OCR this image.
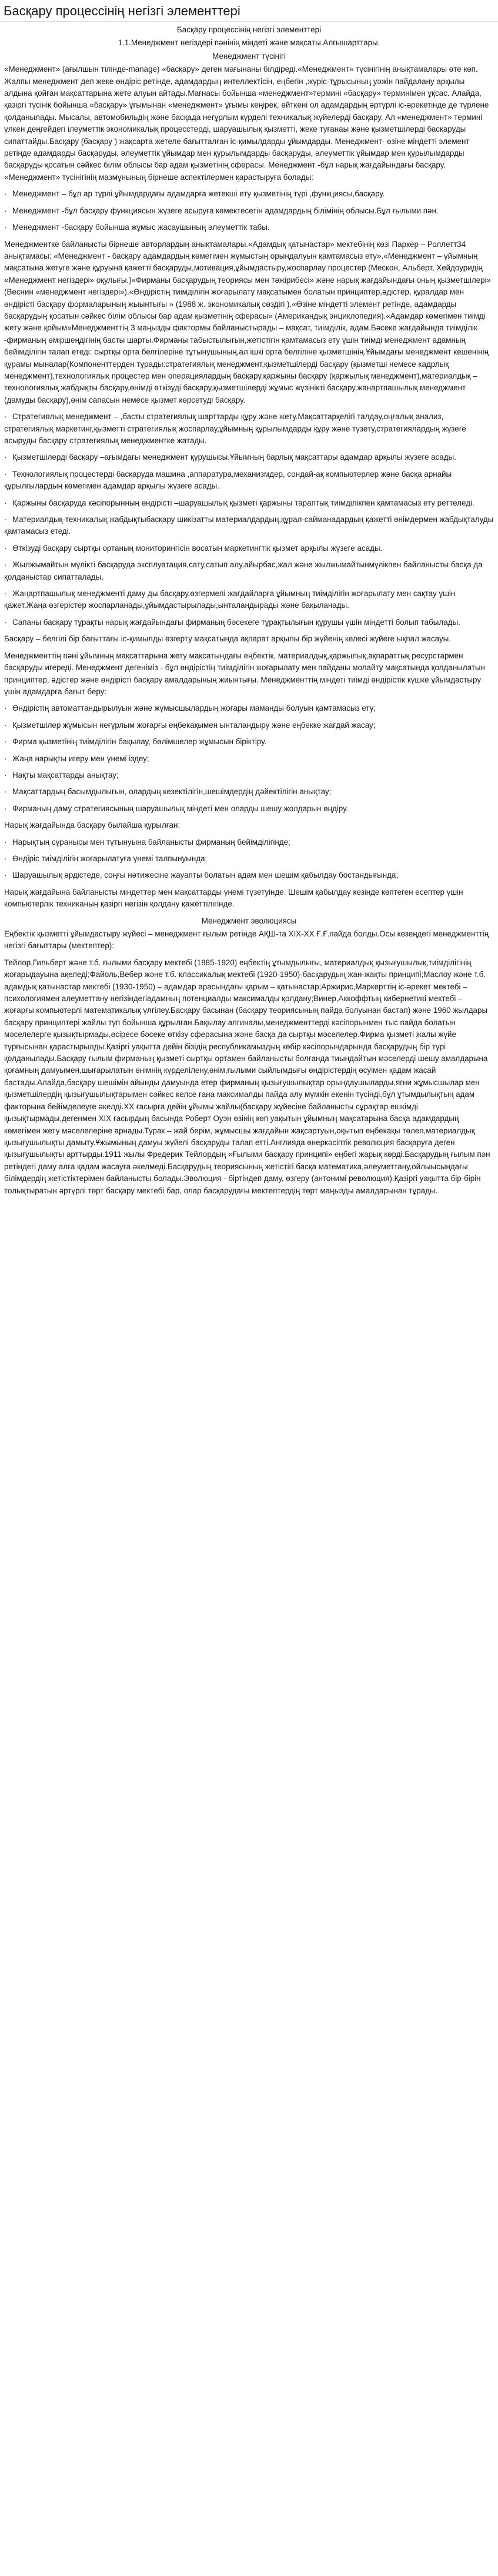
Басқару процессінің негізгі элементтері

Басқару процессінің негізгі элементтері

1.1.Менеджмент негіздері пәнінің міндеті және мақсаты.Алғышарттары.

Менеджмент түсінігі

«Менеджмент» (ағылшын тілінде-manage) «басқару» деген мағынаны білдіреді.«Менеджмент» түсінігінің анықтамалары өте көп. Жалпы менеджмент деп жеке өндіріс ретінде, адамдардың интеллектісін, еңбегін ,жүріс-тұрысының уәжін пайдалану арқылы алдына қойған мақсаттарына жете алуын айтады.Мағнасы бойынша «менеджмент»термині «басқару» терминімен ұқсас. Алайда, қазіргі түсінік бойынша «басқару» ұғымынан «менеджмент» ұғымы кеңірек, өйткені ол адамдардың әртүрлі іс-әрекетінде де түрлене қолданылады. Мысалы, автомобильдің және басқада неғұрлым күрделі техникалық жүйелерді басқару. Ал «менеджмент» термині үлкен деңгейдегі ілеуметтік экономикалық процесстерді, шаруашылық қызметті, жеке туғанаы және қызметшілерді басқаруды сипаттайды.Басқару (басқару ) жақсарта жетеле бағытталған іс-қимылдарды ұйымдарды. Менеджмент- өзіне міндетті элемент ретінде адамдарды басқаруды, әлеуметтік ұйымдар мен құрылымдарды басқаруды, әлеуметтік ұйымдар мен құрылымдарды басқаруды қосатын сәйкес білім облысы бар адам қызметінің сферасы. Менеджмент -бұл нарық жағдайындағы басқару. «Менеджмент» түсінігінің мазмұнының бірнеше аспектілермен қарастыруға болады:

· Менеджмент – бұл ар түрлі ұйымдардағы адамдарға жетекші ету қызметінің түрі ,функциясы,басқару.

· Менеджмент -бұл басқару функциясын жүзеге асыруға көмектесетін адамдардың білімінің облысы.Бұл ғылыми пән.

· Менеджмент -басқару бойынша жұмыс жасаушының әлеуметтік табы.

Менеджментке байланысты бірнеше авторлардың анықтамалары.«Адамдық қатынастар» мектебінің көзі Паркер – Роллетт34 анықтамасы: «Менеджмент - басқару адамдардың көмегімен жұмыстың орындалуын қамтамасыз ету».«Менеджмент – ұйымның мақсатына жетуге және құруына қажетті басқаруды,мотивация,ұйымдастыру,жоспарлау процестер (Мескон, Альберт, Хейдоуридің «Менеджмент негіздері» оқулығы.)«Фирманы басқарудың теориясы мен тәжірибесі» және нарық жағдайындағы оның қызметшілері» (Веснин «менеджмент негіздері»).«Өндірістің тиімділігін жоғарылату мақсатымен болатын принциптер,әдістер, құралдар мен өндірісті басқару формаларының жыынтығы » (1988 ж. экономикалық сөздігі ).«Өзіне міндетті элемент ретінде, адамдарды басқарудың қосатын сәйкес білім облысы бар адам қызметінің сферасы» (Американдық энциклопедия).«Адамдар көмегімен тиімді жету және қойым»Менеджменттің 3 маңызды фактормы байланыстырады – мақсат, тиімділік, адам.Бәсеке жағдайында тиімділік -фирманың өміршеңдігінің басты шарты.Фирманы табыстылығын,жетістігін қамтамасыз ету үшін тиімді менеджмент адамның бейімділігін талап етеді: сыртқы орта белгілеріне тұтынушының,ал ішкі орта белгіліне қызметшінің.Ұйымдағы менеджмент кешенінің құрамы мыналар(Компоненттерден тұрады:стратегиялық менеджмент,қызметшілерді басқару (қызметші немесе кадрлық менеджмент),технологиялық процестер мен операциялардың басқару,қаржыны басқару (қаржылық менеджмент),материалдық – технологиялық жабдықты басқару,өнімді өткізуді басқару,қызметшілерді жұмыс жүзінікті басқару,жанартпашылық менеджмент (дамуды басқару),өнім сапасын немесе қызмет көрсетуді басқару.

· Стратегиялық менеджмент – ,басты стратегиялық шарттарды құру және жету.Мақсаттарқелігі талдау,оңғалық анализ, стратегиялық маркетинг,қызметті стратегиялық жоспарлау,ұйымның құрылымдарды құру және түзету,стратегиялардың жүзеге асыруды басқару стратегиялық менеджментке жатады.

· Қызметшілерді басқару –ағымдағы менеджмент құрушысы.Ұйымның барлық мақсаттары адамдар арқылы жүзеге асады.

· Технологиялық процестерді басқаруда машина ,аппаратура,механизмдер, сондай-ақ компьютерлер және басқа арнайы құрылғылардың көмегімен адамдар арқылы жүзеге асады.

· Қаржыны басқаруда кәсіпорынның өндірісті –шаруашылық қызметі қаржыны тараптық тиімділікпен қамтамасыз ету реттеледі.

· Материалдық-техникалық жабдықтыбасқару шикізатты материалдардың,құрал-сайманадардың қажетті өнімдермен жабдықталуды қамтамасыз етеді.

· Өткізуді басқару сыртқы ортаның мониторингісін восатын маркетингтік қызмет арқылы жүзеге асады.

· Жылжымайтын мүлікті басқаруда эксплуатация,сату,сатып алу,айырбас,жал және жылжымайтынмүлікпен байланысты басқа да қолданыстар сипатталады.

· Жаңартпашылық менеджменті даму ды басқару,өзгермелі жағдайларға ұйымның тиімділігін жоғарылату мен сақтау үшін қажет.Жаңа өзгерістер жоспарланады,ұйымдастырылады,ынталандырады және бақыланады.

· Сапаны басқару тұрақты нарық жағдайындағы фирманың бәсекеге тұрақтылығын құрушы үшін міндетті болып табылады.

Басқару – белгілі бір бағыттағы іс-қимылды өзгерту мақсатында ақпарат арқылы бір жүйенің келесі жүйеге ықпал жасауы.

Менеджменттің пәні ұйымның мақсаттарына жету мақсатындағы еңбектік, материалдық,қаржылық,ақпараттық ресурстармен басқаруды игереді. Менеджмент дегеніміз - бұл өндірістің тиімділігін жоғарылату мен пайданы молайту мақсатында қолданылатын принциптер, әдістер және өндірісті басқару амалдарының жиынтығы. Менеджменттің міндеті тиімді өндірістік күшке ұйымдастыру үшін адамдарға бағыт беру:

· Өндірістің автоматтандырылуын және жұмысшылардың жоғары маманды болуын қамтамасыз ету;

· Қызметшілер жұмысын неғұрлым жоғарғы еңбекақымен ынталандыру және еңбекке жағдай жасау;

· Фирма қызметінің тиімділігін бақылау, бөлімшелер жұмысын біріктіру.

· Жаңа нарықты игеру мен үнемі іздеу;

· Нақты мақсаттарды анықтау;

· Мақсаттардың басымдылығын, олардың кезектілігін,шешімдердің дәйектілігін анықтау;

· Фирманың даму стратегиясының шаруашылық міндеті мен оларды шешу жолдарын өңдіру.

Нарық жағдайында басқару былайша құрылған:

· Нарықтың сұранысы мен тұтынуына байланысты фирманың бейімділігінде;

· Өндіріс тиімділігін жоғарылатуға үнемі талпынуында;

· Шаруашылық әрдістеде, соңғы нәтижесіне жауапты болатын адам мен шешім қабылдау бостандығында;

Нарық жағдайына байланысты міндеттер мен мақсаттарды үнемі түзетуінде. Шешім қабылдау кезінде көптеген есептер үшін компьютерлік техниканың қазіргі негізін қолдану қажеттілігінде.

Менеджмент эволюциясы

Еңбектік қызметті ұйымдастыру жүйесі – менеджмент ғылым ретінде АҚШ-та XIX-XX Ғ.Ғ.пайда болды.Осы кезеңдегі менеджменттің негізгі бағыттары (мектептер):

Тейлор,Гильберт және т.б. ғылыми басқару мектебі (1885-1920) еңбектің ұтымдылығы, материалдық қызығушылық,тиімділігінің жоғарыдауына ақеледі;Файоль,Вебер және т.б. классикалық мектебі (1920-1950)-басқарудың жан-жақты принципі;Маслоу және т.б. адамдық қатынастар мектебі (1930-1950) – адамдар арасындағы қарым – қатынастар;Аржирис,Маркерттің іс-әрекет мектебі –психологиямен алеуметтану негізіндегіадамның потенциалды максималды қолдану;Винер,Аккоффтың кибернетикі мектебі – жоғарғы компьютерлі математикалық үлгілеу.Басқару басынан (басқару теориясының пайда болуынан бастап) және 1960 жылдары басқару принциптері жайлы түп бойынша құрылған.Бақылау алгиналы,менеджменттерді кәсіпорынмен тыс пайда болатын мәселелерге қызықтырмады,өсіресе бәсеке өткізу сферасына және басқа да сыртқы мәселелер.Фирма қызметі жалы жүйе түрғысынан қарастырылды.Қазіргі уақытта дейін бізідің республикамыздың көбір кәсіпорындарында басқарудың бір түрі қолданылады.Басқару ғылым фирманың қызметі сыртқы ортамен байланысты болғанда тиындайтын мәселерді шешу амалдарына қоғамның дамуымен,шығарылатын өнімнің күрделілену,өнім,ғылыми сыйлымдығы өндірістердің өсуімен қадам жасай бастады.Алайда,басқару шешімін айынды дамуында етер фирманың қызығушылықтар орындаушыларды,ягни жұмысшылар мен қызметшілердің қызығушылықтарымен сәйкес келсе ғана максималды пайда алу мүмкін екенін түсінді,бұл ұтымдылықтың адам факторына бейімделеуге әкелді.XX ғасырға дейін ұйымы жайлы(басқару жүйесіне байланысты сұрақтар ешкімді қызықтырмады,дегенмен XIX ғасырдың басында Роберт Оуэн өзінің көп уақытын ұйымның мақсатарына басқа адамдардың көмегімен жету мәселелеріне арнады.Турак – жай берім, жұмысшы жағдайын жақсартуын,оқытып еңбекақы төлеп,материалдық қызығушылықты дамыту.Ұжымының дамуы жүйелі басқаруды талап етті.Англияда өнеркәсіптік революция басқаруға деген қызығушылықты арттырды.1911 жылы Фредерик Тейлордың «Ғылыми басқару принципі» еңбегі жарық көрді.Басқарудың ғылым пән ретіндегі даму алға қадам жасауға әкелмеді.Басқарудың теориясының жетістігі басқа математика,әлеуметтану,ойлыысындағы білімдердің жетістіктерімен байланысты болады.Эволюция - біртіндеп даму, өзгеру (антонимі революция).Қазіргі уақытта бір-бірін толықтыратын әртүрлі төрт басқару мектебі бар, олар басқарудағы мектептердің төрт маңызды амалдарынан тұрады.
